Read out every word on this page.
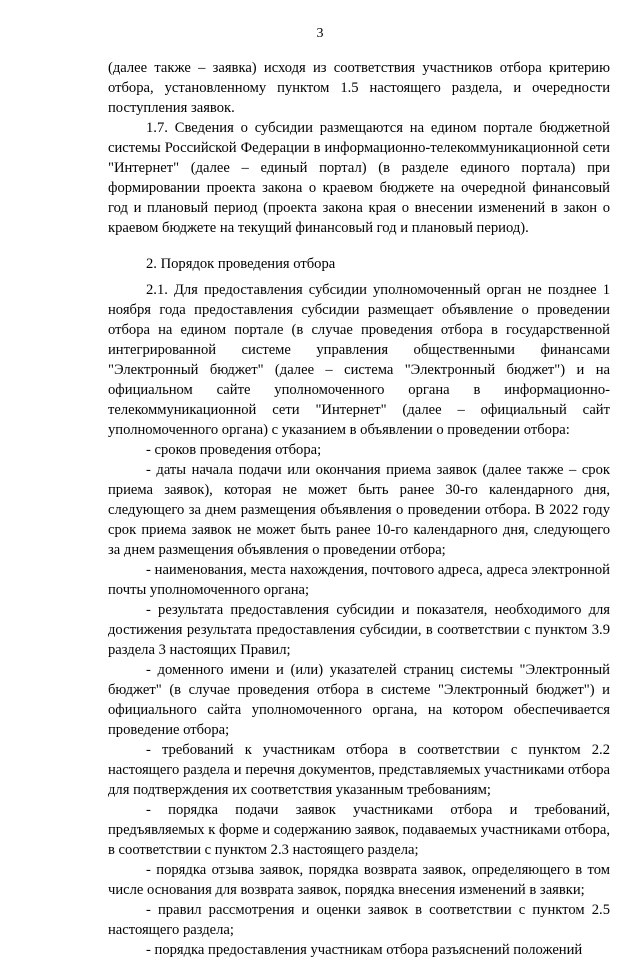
3

(далее также – заявка) исходя из соответствия участников отбора критерию отбора, установленному пунктом 1.5 настоящего раздела, и очередности поступления заявок.

1.7. Сведения о субсидии размещаются на едином портале бюджетной системы Российской Федерации в информационно-телекоммуникационной сети "Интернет" (далее – единый портал) (в разделе единого портала) при формировании проекта закона о краевом бюджете на очередной финансовый год и плановый период (проекта закона края о внесении изменений в закон о краевом бюджете на текущий финансовый год и плановый период).

2. Порядок проведения отбора

2.1. Для предоставления субсидии уполномоченный орган не позднее 1 ноября года предоставления субсидии размещает объявление о проведении отбора на едином портале (в случае проведения отбора в государственной интегрированной системе управления общественными финансами "Электронный бюджет" (далее – система "Электронный бюджет") и на официальном сайте уполномоченного органа в информационно-телекоммуникационной сети "Интернет" (далее – официальный сайт уполномоченного органа) с указанием в объявлении о проведении отбора:

- сроков проведения отбора;

- даты начала подачи или окончания приема заявок (далее также – срок приема заявок), которая не может быть ранее 30-го календарного дня, следующего за днем размещения объявления о проведении отбора. В 2022 году срок приема заявок не может быть ранее 10-го календарного дня, следующего за днем размещения объявления о проведении отбора;

- наименования, места нахождения, почтового адреса, адреса электронной почты уполномоченного органа;

- результата предоставления субсидии и показателя, необходимого для достижения результата предоставления субсидии, в соответствии с пунктом 3.9 раздела 3 настоящих Правил;

- доменного имени и (или) указателей страниц системы "Электронный бюджет" (в случае проведения отбора в системе "Электронный бюджет") и официального сайта уполномоченного органа, на котором обеспечивается проведение отбора;

- требований к участникам отбора в соответствии с пунктом 2.2 настоящего раздела и перечня документов, представляемых участниками отбора для подтверждения их соответствия указанным требованиям;

- порядка подачи заявок участниками отбора и требований, предъявляемых к форме и содержанию заявок, подаваемых участниками отбора, в соответствии с пунктом 2.3 настоящего раздела;

- порядка отзыва заявок, порядка возврата заявок, определяющего в том числе основания для возврата заявок, порядка внесения изменений в заявки;

- правил рассмотрения и оценки заявок в соответствии с пунктом 2.5 настоящего раздела;

- порядка предоставления участникам отбора разъяснений положений
